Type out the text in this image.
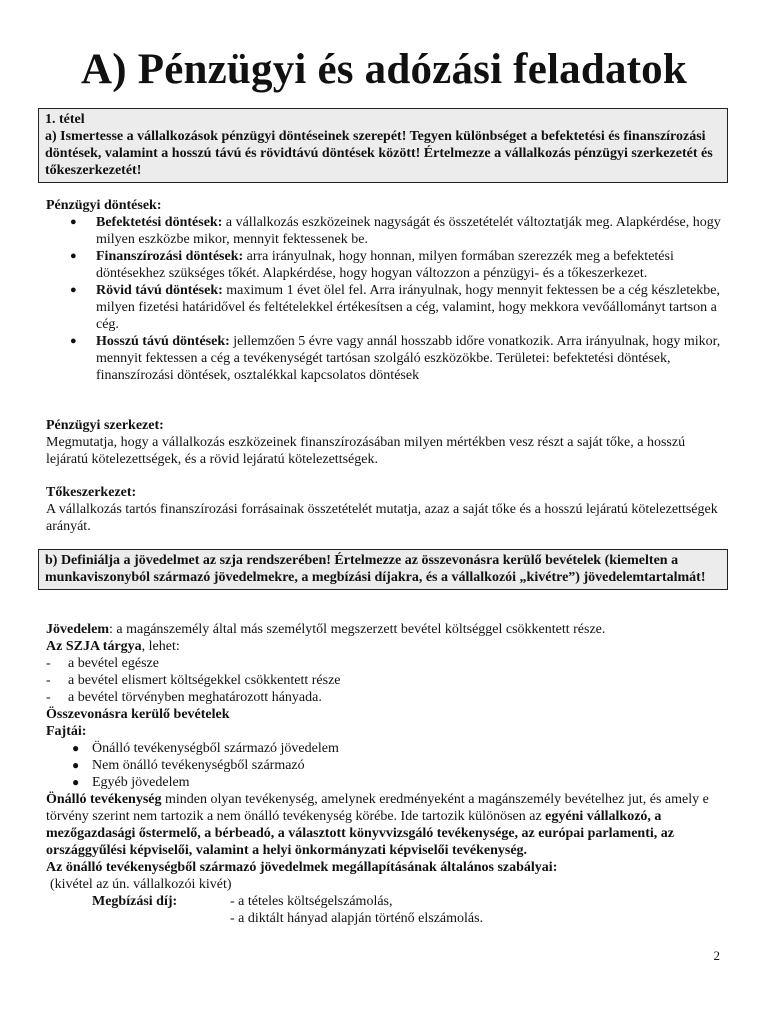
A) Pénzügyi és adózási feladatok

1. tétel

a) Ismertesse a vállalkozások pénzügyi döntéseinek szerepét! Tegyen különbséget a befektetési és finanszírozási döntések, valamint a hosszú távú és rövidtávú döntések között! Értelmezze a vállalkozás pénzügyi szerkezetét és tőkeszerkezetét!

Pénzügyi döntések:

● Befektetési döntések: a vállalkozás eszközeinek nagyságát és összetételét változtatják meg. Alapkérdése, hogy milyen eszközbe mikor, mennyit fektessenek be.
● Finanszírozási döntések: arra irányulnak, hogy honnan, milyen formában szerezzék meg a befektetési döntésekhez szükséges tőkét. Alapkérdése, hogy hogyan változzon a pénzügyi- és a tőkeszerkezet.
● Rövid távú döntések: maximum 1 évet ölel fel. Arra irányulnak, hogy mennyit fektessen be a cég készletekbe, milyen fizetési határidővel és feltételekkel értékesítsen a cég, valamint, hogy mekkora vevőállományt tartson a cég.
● Hosszú távú döntések: jellemzően 5 évre vagy annál hosszabb időre vonatkozik. Arra irányulnak, hogy mikor, mennyit fektessen a cég a tevékenységét tartósan szolgáló eszközökbe. Területei: befektetési döntések, finanszírozási döntések, osztalékkal kapcsolatos döntések

Pénzügyi szerkezet:

Megmutatja, hogy a vállalkozás eszközeinek finanszírozásában milyen mértékben vesz részt a saját tőke, a hosszú lejáratú kötelezettségek, és a rövid lejáratú kötelezettségek.

Tőkeszerkezet:

A vállalkozás tartós finanszírozási forrásainak összetételét mutatja, azaz a saját tőke és a hosszú lejáratú kötelezettségek arányát.

b) Definiálja a jövedelmet az szja rendszerében! Értelmezze az összevonásra kerülő bevételek (kiemelten a munkaviszonyból származó jövedelmekre, a megbízási díjakra, és a vállalkozói „kivétre”) jövedelemtartalmát!

Jövedelem: a magánszemély által más személytől megszerzett bevétel költséggel csökkentett része.

Az SZJA tárgya, lehet:

- a bevétel egésze
- a bevétel elismert költségekkel csökkentett része
- a bevétel törvényben meghatározott hányada.

Összevonásra kerülő bevételek

Fajtái:

● Önálló tevékenységből származó jövedelem
● Nem önálló tevékenységből származó
● Egyéb jövedelem

Önálló tevékenység minden olyan tevékenység, amelynek eredményeként a magánszemély bevételhez jut, és amely e törvény szerint nem tartozik a nem önálló tevékenység körébe. Ide tartozik különösen az egyéni vállalkozó, a mezőgazdasági őstermelő, a bérbeadó, a választott könyvvizsgáló tevékenysége, az európai parlamenti, az országgyűlési képviselői, valamint a helyi önkormányzati képviselői tevékenység.

Az önálló tevékenységből származó jövedelmek megállapításának általános szabályai:

(kivétel az ún. vállalkozói kivét)

Megbízási díj:	- a tételes költségelszámolás,
- a diktált hányad alapján történő elszámolás.
2
